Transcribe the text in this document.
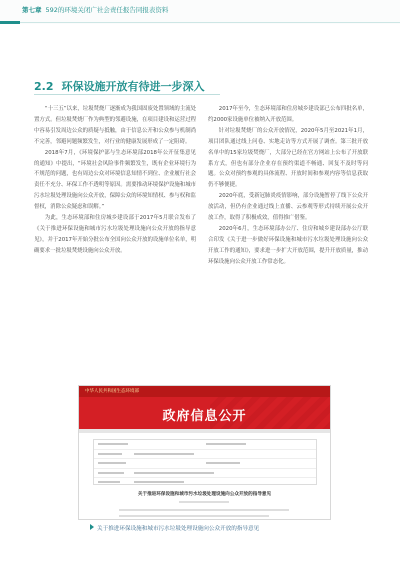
第七章 592的环境关闭广社会责任报告同报表资料
2.2 环保设施开放有待进一步深入

“十三五”以来，垃圾焚烧厂逐渐成为我国固废处置领域的主流处置方式。但垃圾焚烧厂作为典型的邻避设施，在项目建设和运营过程中容易引发周边公众的质疑与抵触，由于信息公开和公众参与机制尚不完善，邻避问题频繁发生，对行业的健康发展形成了一定阻碍。

2018年7月，《环境保护部与生态环境部2018年公开征集意见的通知》中提出，“环境社会风险事件频繁发生，既有企业环境行为不规范的问题，也有周边公众对环境信息知情不到位、企业履行社会责任不充分、环保工作不透明等原因。需要推动环境保护设施和城市污水垃圾处理设施向公众开放，保障公众的环境知情权、参与权和监督权，消除公众疑虑和误解。”

为此，生态环境部和住房城乡建设部于2017年5月联合发布了《关于推进环保设施和城市污水垃圾处理设施向公众开放的指导意见》，并于2017年开始分批公布全国向公众开放的设施单位名单，明确要求一批垃圾焚烧设施向公众开放。

2017年至今，生态环境部和住房城乡建设部已公布四批名单，约2000家设施单位被纳入开放范围。

针对垃圾焚烧厂的公众开放情况，2020年5月至2021年1月，项目团队通过线上问卷、实地走访等方式开展了调查。第三批开放名单中的15家垃圾焚烧厂，大部分已经在官方网站上公布了开放联系方式，但也有部分企业存在预约渠道不畅通、回复不及时等问题。公众对预约参观的具体流程、开放时间和参观内容等信息获取仍不够便捷。

2020年底，受新冠肺炎疫情影响，部分设施暂停了线下公众开放活动，但仍有企业通过线上直播、云参观等形式持续开展公众开放工作，取得了积极成效，值得推广借鉴。

2020年6月，生态环境部办公厅、住房和城乡建设部办公厅联合印发《关于进一步做好环保设施和城市污水垃圾处理设施向公众开放工作的通知》，要求进一步扩大开放范围，提升开放质量，推动环保设施向公众开放工作常态化。

中华人民共和国生态环境部
政府信息公开
关于推进环保设施和城市污水垃圾处理设施向公众开放的指导意见
关于推进环保设施和城市污水垃圾处理设施向公众开放的指导意见
